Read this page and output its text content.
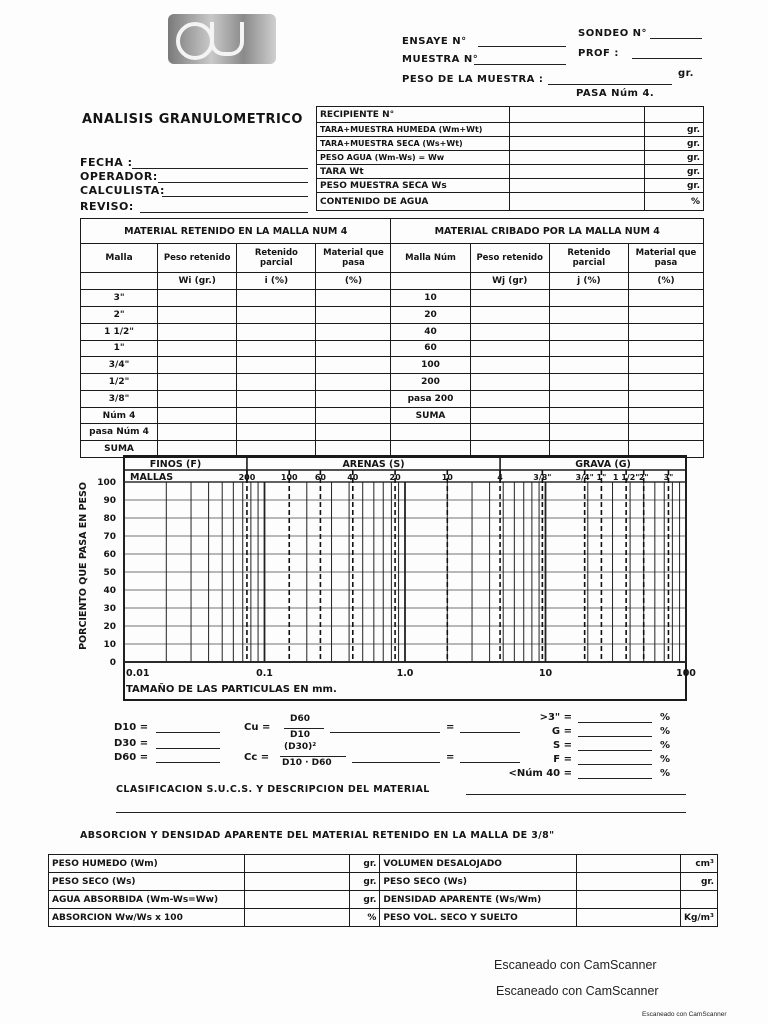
ENSAYE N°
SONDEO N°
MUESTRA N°
PROF :
PESO DE LA MUESTRA :
gr.
PASA Núm 4.
ANALISIS GRANULOMETRICO
FECHA :
OPERADOR:
CALCULISTA:
REVISO:
RECIPIENTE N°		
TARA+MUESTRA HUMEDA (Wm+Wt)		gr.
TARA+MUESTRA SECA (Ws+Wt)		gr.
PESO AGUA (Wm-Ws) = Ww		gr.
TARA Wt		gr.
PESO MUESTRA SECA Ws		gr.
CONTENIDO DE AGUA		%
MATERIAL RETENIDO EN LA MALLA NUM 4				MATERIAL CRIBADO POR LA MALLA NUM 4			
Malla	Peso retenido	Retenido parcial	Material que pasa	Malla Núm	Peso retenido	Retenido parcial	Material que pasa
	Wi (gr.)	i (%)	(%)		Wj (gr)	j (%)	(%)
3"				10			
2"				20			
1 1/2"				40			
1"				60			
3/4"				100			
1/2"				200			
3/8"				pasa 200			
Núm 4				SUMA			
pasa Núm 4							
SUMA							
0
10
20
30
40
50
60
70
80
90
100
0.01	0.1	1.0	10	100
FINOS (F)	ARENAS (S)	GRAVA (G)
MALLAS	200	100 60	40	20	10	4	3/8"	3/4" 1" 1 1/2" 2" 3"
TAMAÑO DE LAS PARTICULAS EN mm.
PORCIENTO QUE PASA EN PESO
D10 =
D30 =
D60 =
Cu =
D60
D10
=
Cc =
(D30)²
D10 · D60	=
>3" =	%
G =	%
S =	%
F =	%
<Núm 40 =	%
CLASIFICACION S.U.C.S. Y DESCRIPCION DEL MATERIAL
ABSORCION Y DENSIDAD APARENTE DEL MATERIAL RETENIDO EN LA MALLA DE 3/8"
PESO HUMEDO (Wm)		gr.	VOLUMEN DESALOJADO		cm³
PESO SECO (Ws)		gr.	PESO SECO (Ws)		gr.
AGUA ABSORBIDA (Wm-Ws=Ww)		gr.	DENSIDAD APARENTE (Ws/Wm)		
ABSORCION Ww/Ws x 100		%	PESO VOL. SECO Y SUELTO		Kg/m³
Escaneado con CamScanner
Escaneado con CamScanner
Escaneado con CamScanner
